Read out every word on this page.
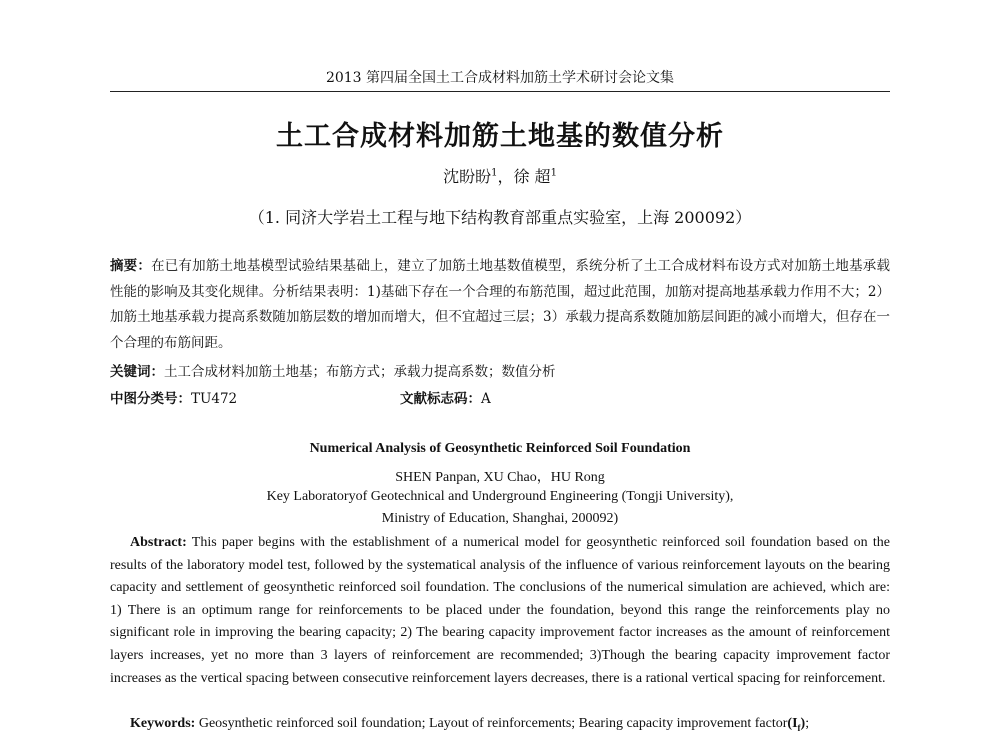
2013 第四届全国土工合成材料加筋土学术研讨会论文集
土工合成材料加筋土地基的数值分析
沈盼盼$^1$，徐 超$^1$
（1. 同济大学岩土工程与地下结构教育部重点实验室，上海 200092）
摘要：在已有加筋土地基模型试验结果基础上，建立了加筋土地基数值模型，系统分析了土工合成材料布设方式对加筋土地基承载性能的影响及其变化规律。分析结果表明：1)基础下存在一个合理的布筋范围，超过此范围，加筋对提高地基承载力作用不大；2）加筋土地基承载力提高系数随加筋层数的增加而增大，但不宜超过三层；3）承载力提高系数随加筋层间距的减小而增大，但存在一个合理的布筋间距。
关键词：土工合成材料加筋土地基；布筋方式；承载力提高系数；数值分析
中图分类号：TU472	文献标志码：A
Numerical Analysis of Geosynthetic Reinforced Soil Foundation
SHEN Panpan, XU Chao，HU Rong
Key Laboratoryof Geotechnical and Underground Engineering (Tongji University),
Ministry of Education, Shanghai, 200092)

Abstract: This paper begins with the establishment of a numerical model for geosynthetic reinforced soil foundation based on the results of the laboratory model test, followed by the systematical analysis of the influence of various reinforcement layouts on the bearing capacity and settlement of geosynthetic reinforced soil foundation. The conclusions of the numerical simulation are achieved, which are: 1) There is an optimum range for reinforcements to be placed under the foundation, beyond this range the reinforcements play no significant role in improving the bearing capacity; 2) The bearing capacity improvement factor increases as the amount of reinforcement layers increases, yet no more than 3 layers of reinforcement are recommended; 3)Though the bearing capacity improvement factor increases as the vertical spacing between consecutive reinforcement layers decreases, there is a rational vertical spacing for reinforcement.

Keywords: Geosynthetic reinforced soil foundation; Layout of reinforcements; Bearing capacity improvement $factor(I_f)$;
